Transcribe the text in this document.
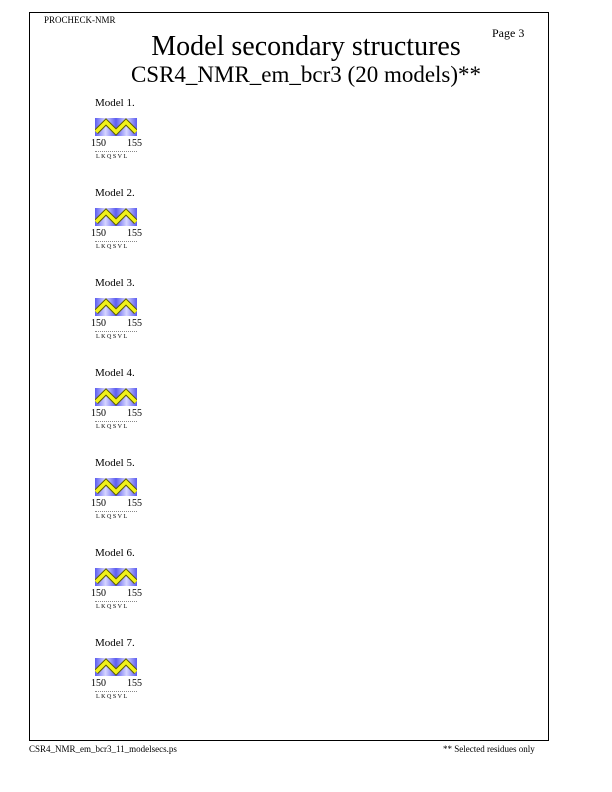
PROCHECK-NMR
Page 3
Model secondary structures
CSR4_NMR_em_bcr3 (20 models)**
Model 1.
150 155
LKQSVL
Model 2.
150 155
LKQSVL
Model 3.
150 155
LKQSVL
Model 4.
150 155
LKQSVL
Model 5.
150 155
LKQSVL
Model 6.
150 155
LKQSVL
Model 7.
150 155
LKQSVL
CSR4_NMR_em_bcr3_11_modelsecs.ps	** Selected residues only
